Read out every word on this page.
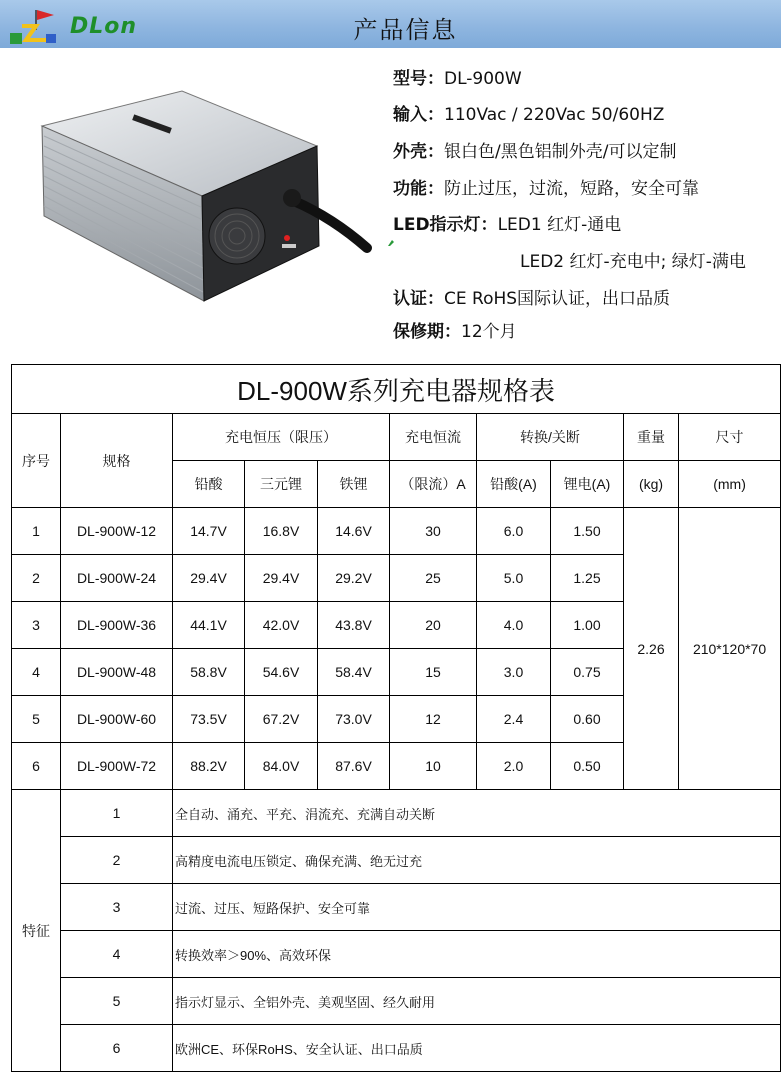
DLon	产品信息
型号：DL-900W
输入：110Vac / 220Vac 50/60HZ
外壳：银白色/黑色铝制外壳/可以定制
功能：防止过压，过流，短路，安全可靠
LED指示灯：LED1 红灯-通电
LED2 红灯-充电中; 绿灯-满电
认证：CE RoHS国际认证，出口品质
保修期：12个月
DL-900W系列充电器规格表									
序号	规格	充电恒压（限压）			充电恒流	转换/关断		重量	尺寸
		铅酸	三元锂	铁锂	（限流）A	铅酸(A)	锂电(A)	(kg)	(mm)
1	DL-900W-12	14.7V	16.8V	14.6V	30	6.0	1.50	2.26	210*120*70
2	DL-900W-24	29.4V	29.4V	29.2V	25	5.0	1.25		
3	DL-900W-36	44.1V	42.0V	43.8V	20	4.0	1.00		
4	DL-900W-48	58.8V	54.6V	58.4V	15	3.0	0.75		
5	DL-900W-60	73.5V	67.2V	73.0V	12	2.4	0.60		
6	DL-900W-72	88.2V	84.0V	87.6V	10	2.0	0.50		
特征	1	全自动、涌充、平充、涓流充、充满自动关断							
	2	高精度电流电压锁定、确保充满、绝无过充							
	3	过流、过压、短路保护、安全可靠							
	4	转换效率＞90%、高效环保							
	5	指示灯显示、全铝外壳、美观坚固、经久耐用							
	6	欧洲CE、环保RoHS、安全认证、出口品质							
